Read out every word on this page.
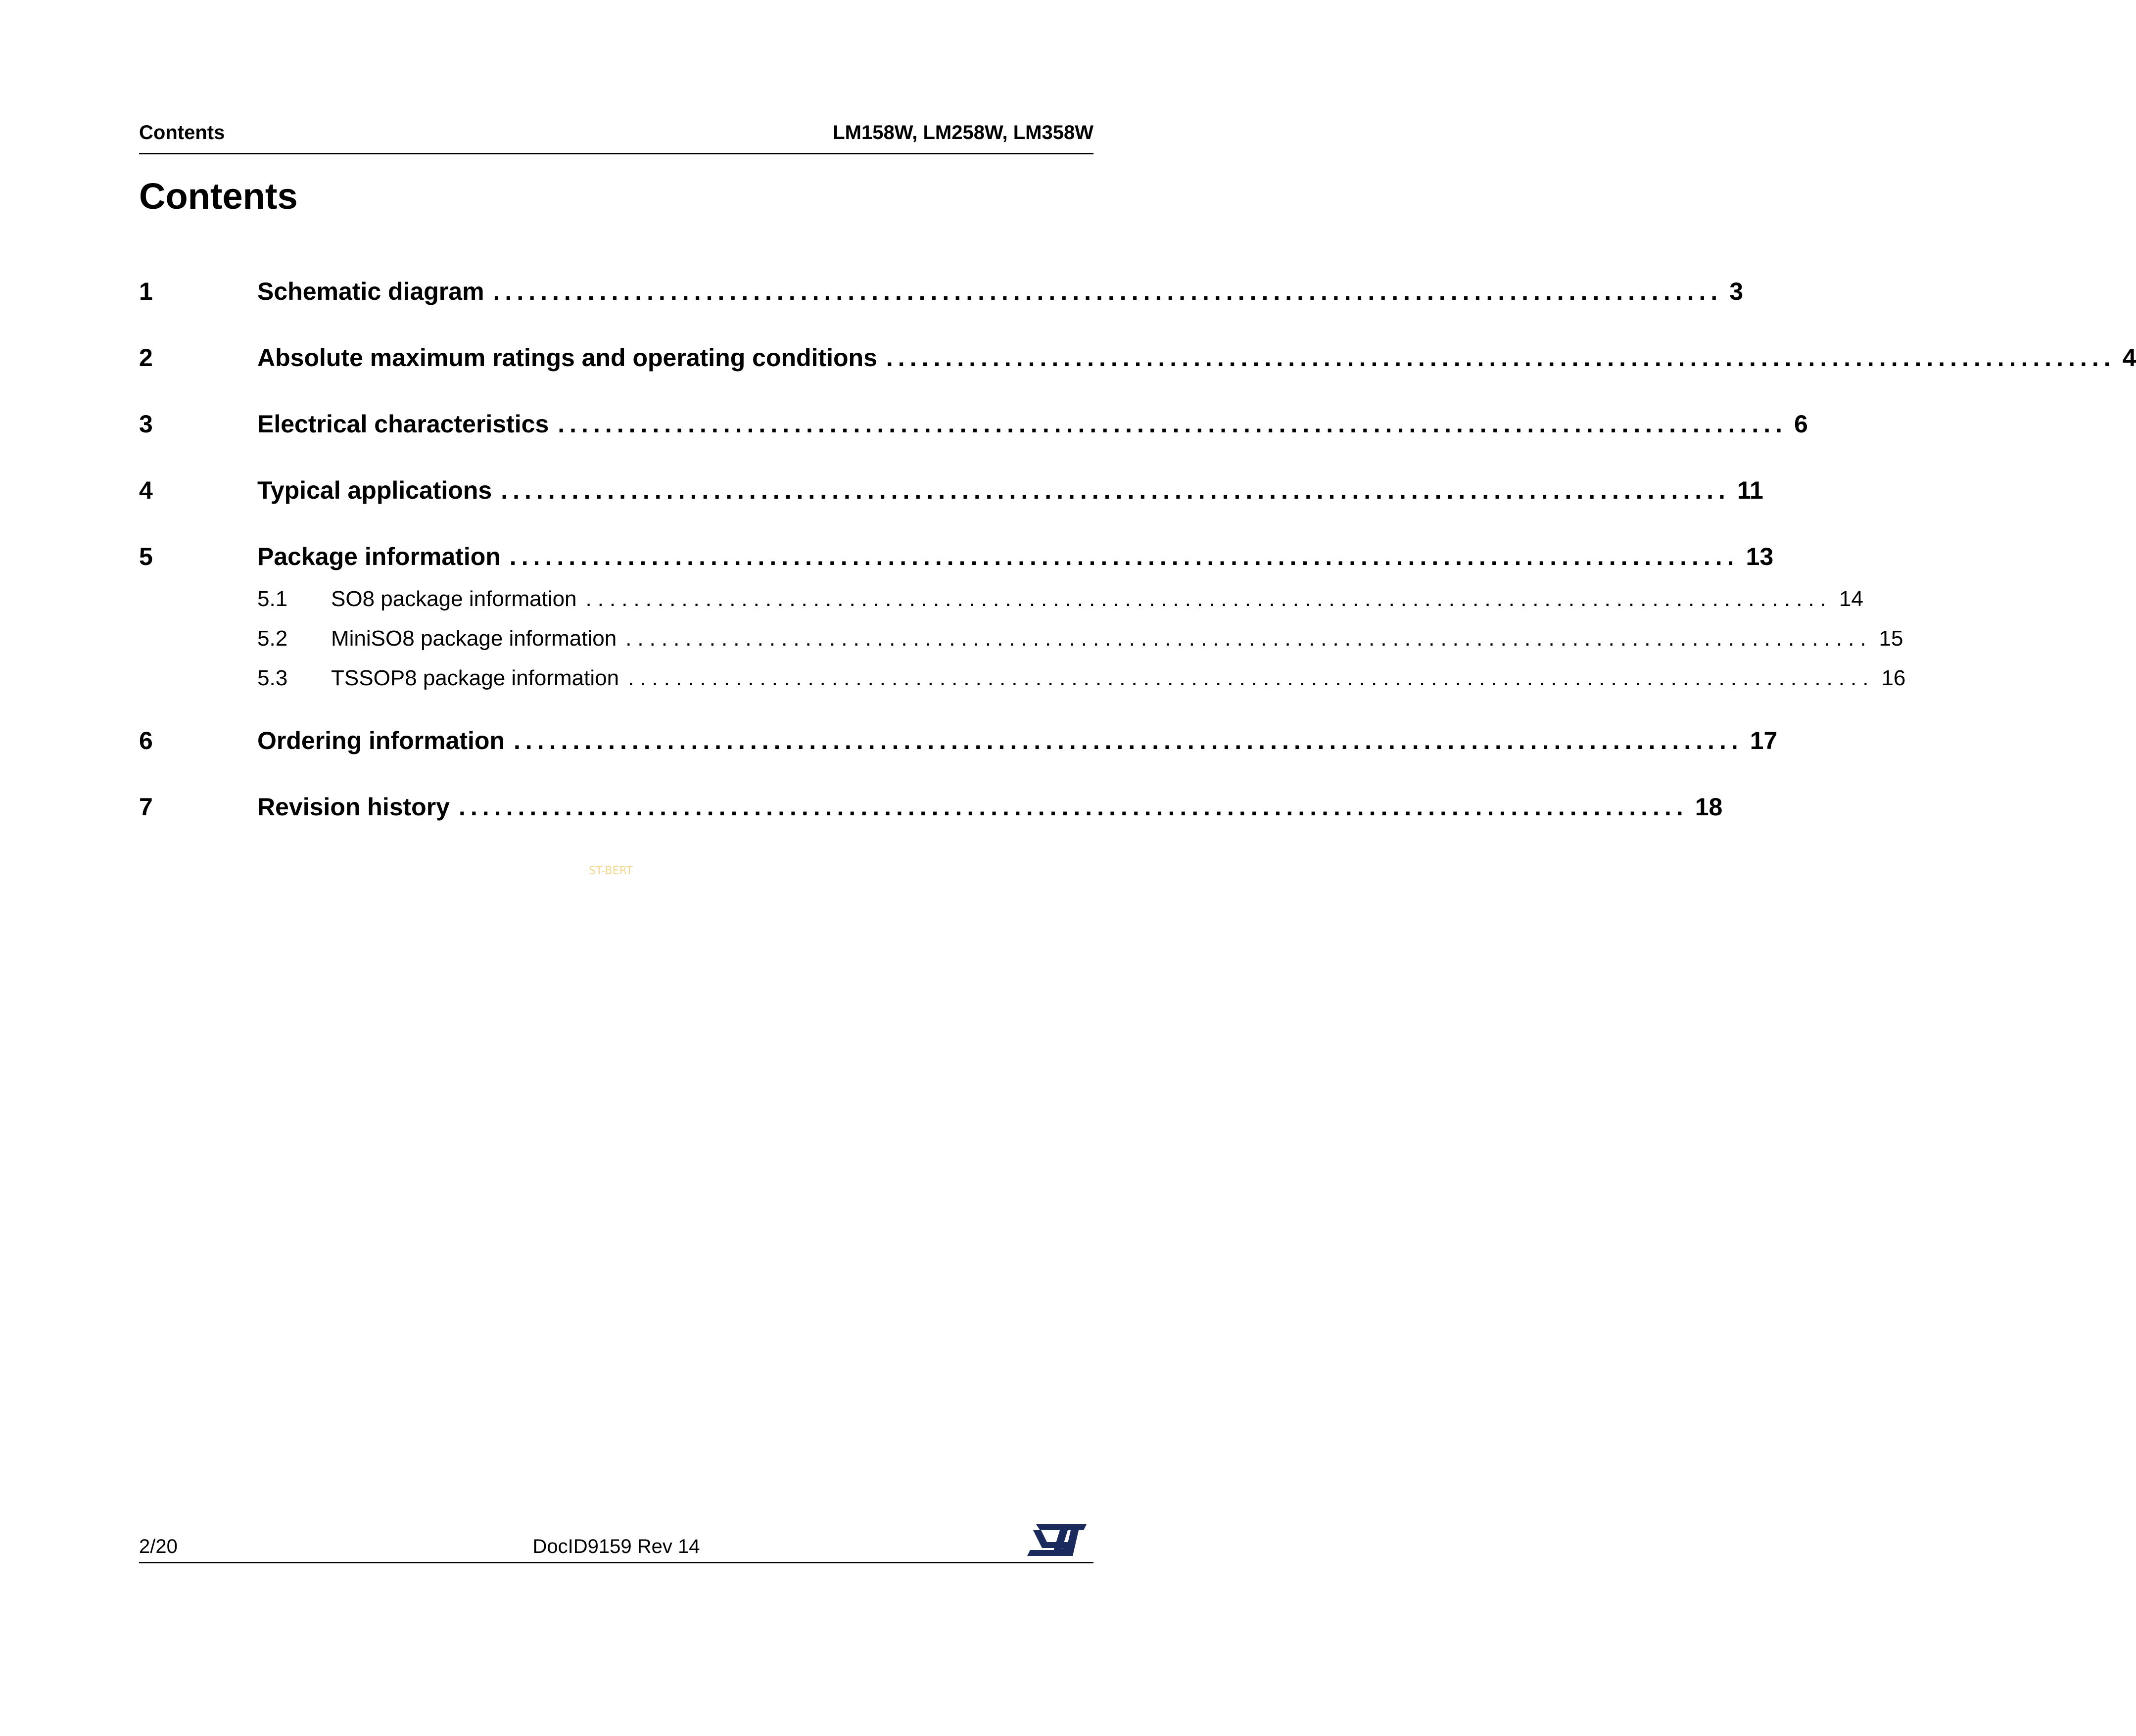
Contents	LM158W, LM258W, LM358W
Contents
1	Schematic diagram ........................................................................................................ 3
2	Absolute maximum ratings and operating conditions ........................................................................................................ 4
3	Electrical characteristics ........................................................................................................ 6
4	Typical applications ........................................................................................................ 11
5	Package information ........................................................................................................ 13
5.1	SO8 package information ........................................................................................................ 14
5.2	MiniSO8 package information ........................................................................................................ 15
5.3	TSSOP8 package information ........................................................................................................ 16
6	Ordering information ........................................................................................................ 17
7	Revision history ........................................................................................................ 18
ST-BERT
2/20	DocID9159 Rev 14
